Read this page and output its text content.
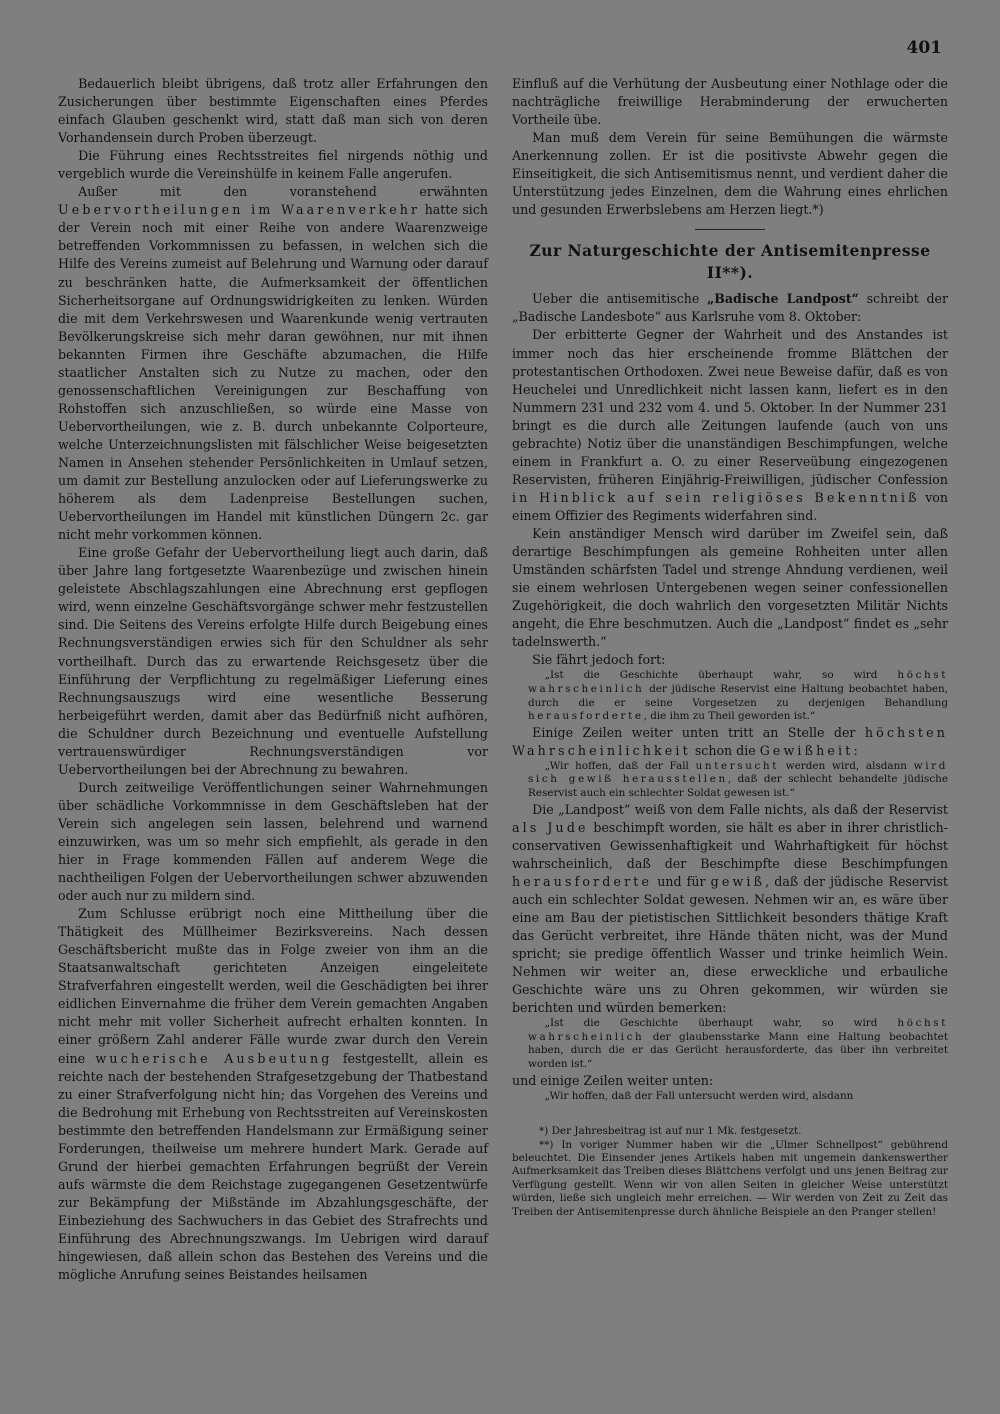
401

Bedauerlich bleibt übrigens, daß trotz aller Erfahrungen den Zusicherungen über bestimmte Eigenschaften eines Pferdes einfach Glauben geschenkt wird, statt daß man sich von deren Vorhandensein durch Proben überzeugt.

Die Führung eines Rechtsstreites fiel nirgends nöthig und vergeblich wurde die Vereinshülfe in keinem Falle angerufen.

Außer mit den voranstehend erwähnten Uebervortheilungen im Waarenverkehr hatte sich der Verein noch mit einer Reihe von andere Waarenzweige betreffenden Vorkommnissen zu befassen, in welchen sich die Hilfe des Vereins zumeist auf Belehrung und Warnung oder darauf zu beschränken hatte, die Aufmerksamkeit der öffentlichen Sicherheitsorgane auf Ordnungswidrigkeiten zu lenken. Würden die mit dem Verkehrswesen und Waarenkunde wenig vertrauten Bevölkerungskreise sich mehr daran gewöhnen, nur mit ihnen bekannten Firmen ihre Geschäfte abzumachen, die Hilfe staatlicher Anstalten sich zu Nutze zu machen, oder den genossenschaftlichen Vereinigungen zur Beschaffung von Rohstoffen sich anzuschließen, so würde eine Masse von Uebervortheilungen, wie z. B. durch unbekannte Colporteure, welche Unterzeichnungslisten mit fälschlicher Weise beigesetzten Namen in Ansehen stehender Persönlichkeiten in Umlauf setzen, um damit zur Bestellung anzulocken oder auf Lieferungswerke zu höherem als dem Ladenpreise Bestellungen suchen, Uebervortheilungen im Handel mit künstlichen Düngern 2c. gar nicht mehr vorkommen können.

Eine große Gefahr der Uebervortheilung liegt auch darin, daß über Jahre lang fortgesetzte Waarenbezüge und zwischen hinein geleistete Abschlagszahlungen eine Abrechnung erst gepflogen wird, wenn einzelne Geschäftsvorgänge schwer mehr festzustellen sind. Die Seitens des Vereins erfolgte Hilfe durch Beigebung eines Rechnungsverständigen erwies sich für den Schuldner als sehr vortheilhaft. Durch das zu erwartende Reichsgesetz über die Einführung der Verpflichtung zu regelmäßiger Lieferung eines Rechnungsauszugs wird eine wesentliche Besserung herbeigeführt werden, damit aber das Bedürfniß nicht aufhören, die Schuldner durch Bezeichnung und eventuelle Aufstellung vertrauenswürdiger Rechnungsverständigen vor Uebervortheilungen bei der Abrechnung zu bewahren.

Durch zeitweilige Veröffentlichungen seiner Wahrnehmungen über schädliche Vorkommnisse in dem Geschäftsleben hat der Verein sich angelegen sein lassen, belehrend und warnend einzuwirken, was um so mehr sich empfiehlt, als gerade in den hier in Frage kommenden Fällen auf anderem Wege die nachtheiligen Folgen der Uebervortheilungen schwer abzuwenden oder auch nur zu mildern sind.

Zum Schlusse erübrigt noch eine Mittheilung über die Thätigkeit des Müllheimer Bezirksvereins. Nach dessen Geschäftsbericht mußte das in Folge zweier von ihm an die Staatsanwaltschaft gerichteten Anzeigen eingeleitete Strafverfahren eingestellt werden, weil die Geschädigten bei ihrer eidlichen Einvernahme die früher dem Verein gemachten Angaben nicht mehr mit voller Sicherheit aufrecht erhalten konnten. In einer größern Zahl anderer Fälle wurde zwar durch den Verein eine wucherische Ausbeutung festgestellt, allein es reichte nach der bestehenden Strafgesetzgebung der Thatbestand zu einer Strafverfolgung nicht hin; das Vorgehen des Vereins und die Bedrohung mit Erhebung von Rechtsstreiten auf Vereinskosten bestimmte den betreffenden Handelsmann zur Ermäßigung seiner Forderungen, theilweise um mehrere hundert Mark. Gerade auf Grund der hierbei gemachten Erfahrungen begrüßt der Verein aufs wärmste die dem Reichstage zugegangenen Gesetzentwürfe zur Bekämpfung der Mißstände im Abzahlungsgeschäfte, der Einbeziehung des Sachwuchers in das Gebiet des Strafrechts und Einführung des Abrechnungszwangs. Im Uebrigen wird darauf hingewiesen, daß allein schon das Bestehen des Vereins und die mögliche Anrufung seines Beistandes heilsamen

Einfluß auf die Verhütung der Ausbeutung einer Nothlage oder die nachträgliche freiwillige Herabminderung der erwucherten Vortheile übe.

Man muß dem Verein für seine Bemühungen die wärmste Anerkennung zollen. Er ist die positivste Abwehr gegen die Einseitigkeit, die sich Antisemitismus nennt, und verdient daher die Unterstützung jedes Einzelnen, dem die Wahrung eines ehrlichen und gesunden Erwerbslebens am Herzen liegt.*)

Zur Naturgeschichte der Antisemitenpresse II**).

Ueber die antisemitische „Badische Landpost“ schreibt der „Badische Landesbote“ aus Karlsruhe vom 8. Oktober:

Der erbitterte Gegner der Wahrheit und des Anstandes ist immer noch das hier erscheinende fromme Blättchen der protestantischen Orthodoxen. Zwei neue Beweise dafür, daß es von Heuchelei und Unredlichkeit nicht lassen kann, liefert es in den Nummern 231 und 232 vom 4. und 5. Oktober. In der Nummer 231 bringt es die durch alle Zeitungen laufende (auch von uns gebrachte) Notiz über die unanständigen Beschimpfungen, welche einem in Frankfurt a. O. zu einer Reserveübung eingezogenen Reservisten, früheren Einjährig-Freiwilligen, jüdischer Confession in Hinblick auf sein religiöses Bekenntniß von einem Offizier des Regiments widerfahren sind.

Kein anständiger Mensch wird darüber im Zweifel sein, daß derartige Beschimpfungen als gemeine Rohheiten unter allen Umständen schärfsten Tadel und strenge Ahndung verdienen, weil sie einem wehrlosen Untergebenen wegen seiner confessionellen Zugehörigkeit, die doch wahrlich den vorgesetzten Militär Nichts angeht, die Ehre beschmutzen. Auch die „Landpost“ findet es „sehr tadelnswerth.“

Sie fährt jedoch fort:

„Ist die Geschichte überhaupt wahr, so wird höchst wahrscheinlich der jüdische Reservist eine Haltung beobachtet haben, durch die er seine Vorgesetzen zu derjenigen Behandlung herausforderte, die ihm zu Theil geworden ist.“

Einige Zeilen weiter unten tritt an Stelle der höchsten Wahrscheinlichkeit schon die Gewißheit:

„Wir hoffen, daß der Fall untersucht werden wird, alsdann wird sich gewiß herausstellen, daß der schlecht behandelte jüdische Reservist auch ein schlechter Soldat gewesen ist.“

Die „Landpost“ weiß von dem Falle nichts, als daß der Reservist als Jude beschimpft worden, sie hält es aber in ihrer christlich-conservativen Gewissenhaftigkeit und Wahrhaftigkeit für höchst wahrscheinlich, daß der Beschimpfte diese Beschimpfungen herausforderte und für gewiß, daß der jüdische Reservist auch ein schlechter Soldat gewesen. Nehmen wir an, es wäre über eine am Bau der pietistischen Sittlichkeit besonders thätige Kraft das Gerücht verbreitet, ihre Hände thäten nicht, was der Mund spricht; sie predige öffentlich Wasser und trinke heimlich Wein. Nehmen wir weiter an, diese erweckliche und erbauliche Geschichte wäre uns zu Ohren gekommen, wir würden sie berichten und würden bemerken:

„Ist die Geschichte überhaupt wahr, so wird höchst wahrscheinlich der glaubensstarke Mann eine Haltung beobachtet haben, durch die er das Gerücht herausforderte, das über ihn verbreitet worden ist.“

und einige Zeilen weiter unten:

„Wir hoffen, daß der Fall untersucht werden wird, alsdann

*) Der Jahresbeitrag ist auf nur 1 Mk. festgesetzt.

**) In voriger Nummer haben wir die „Ulmer Schnellpost“ gebührend beleuchtet. Die Einsender jenes Artikels haben mit ungemein dankenswerther Aufmerksamkeit das Treiben dieses Blättchens verfolgt und uns jenen Beitrag zur Verfügung gestellt. Wenn wir von allen Seiten in gleicher Weise unterstützt würden, ließe sich ungleich mehr erreichen. — Wir werden von Zeit zu Zeit das Treiben der Antisemitenpresse durch ähnliche Beispiele an den Pranger stellen!
